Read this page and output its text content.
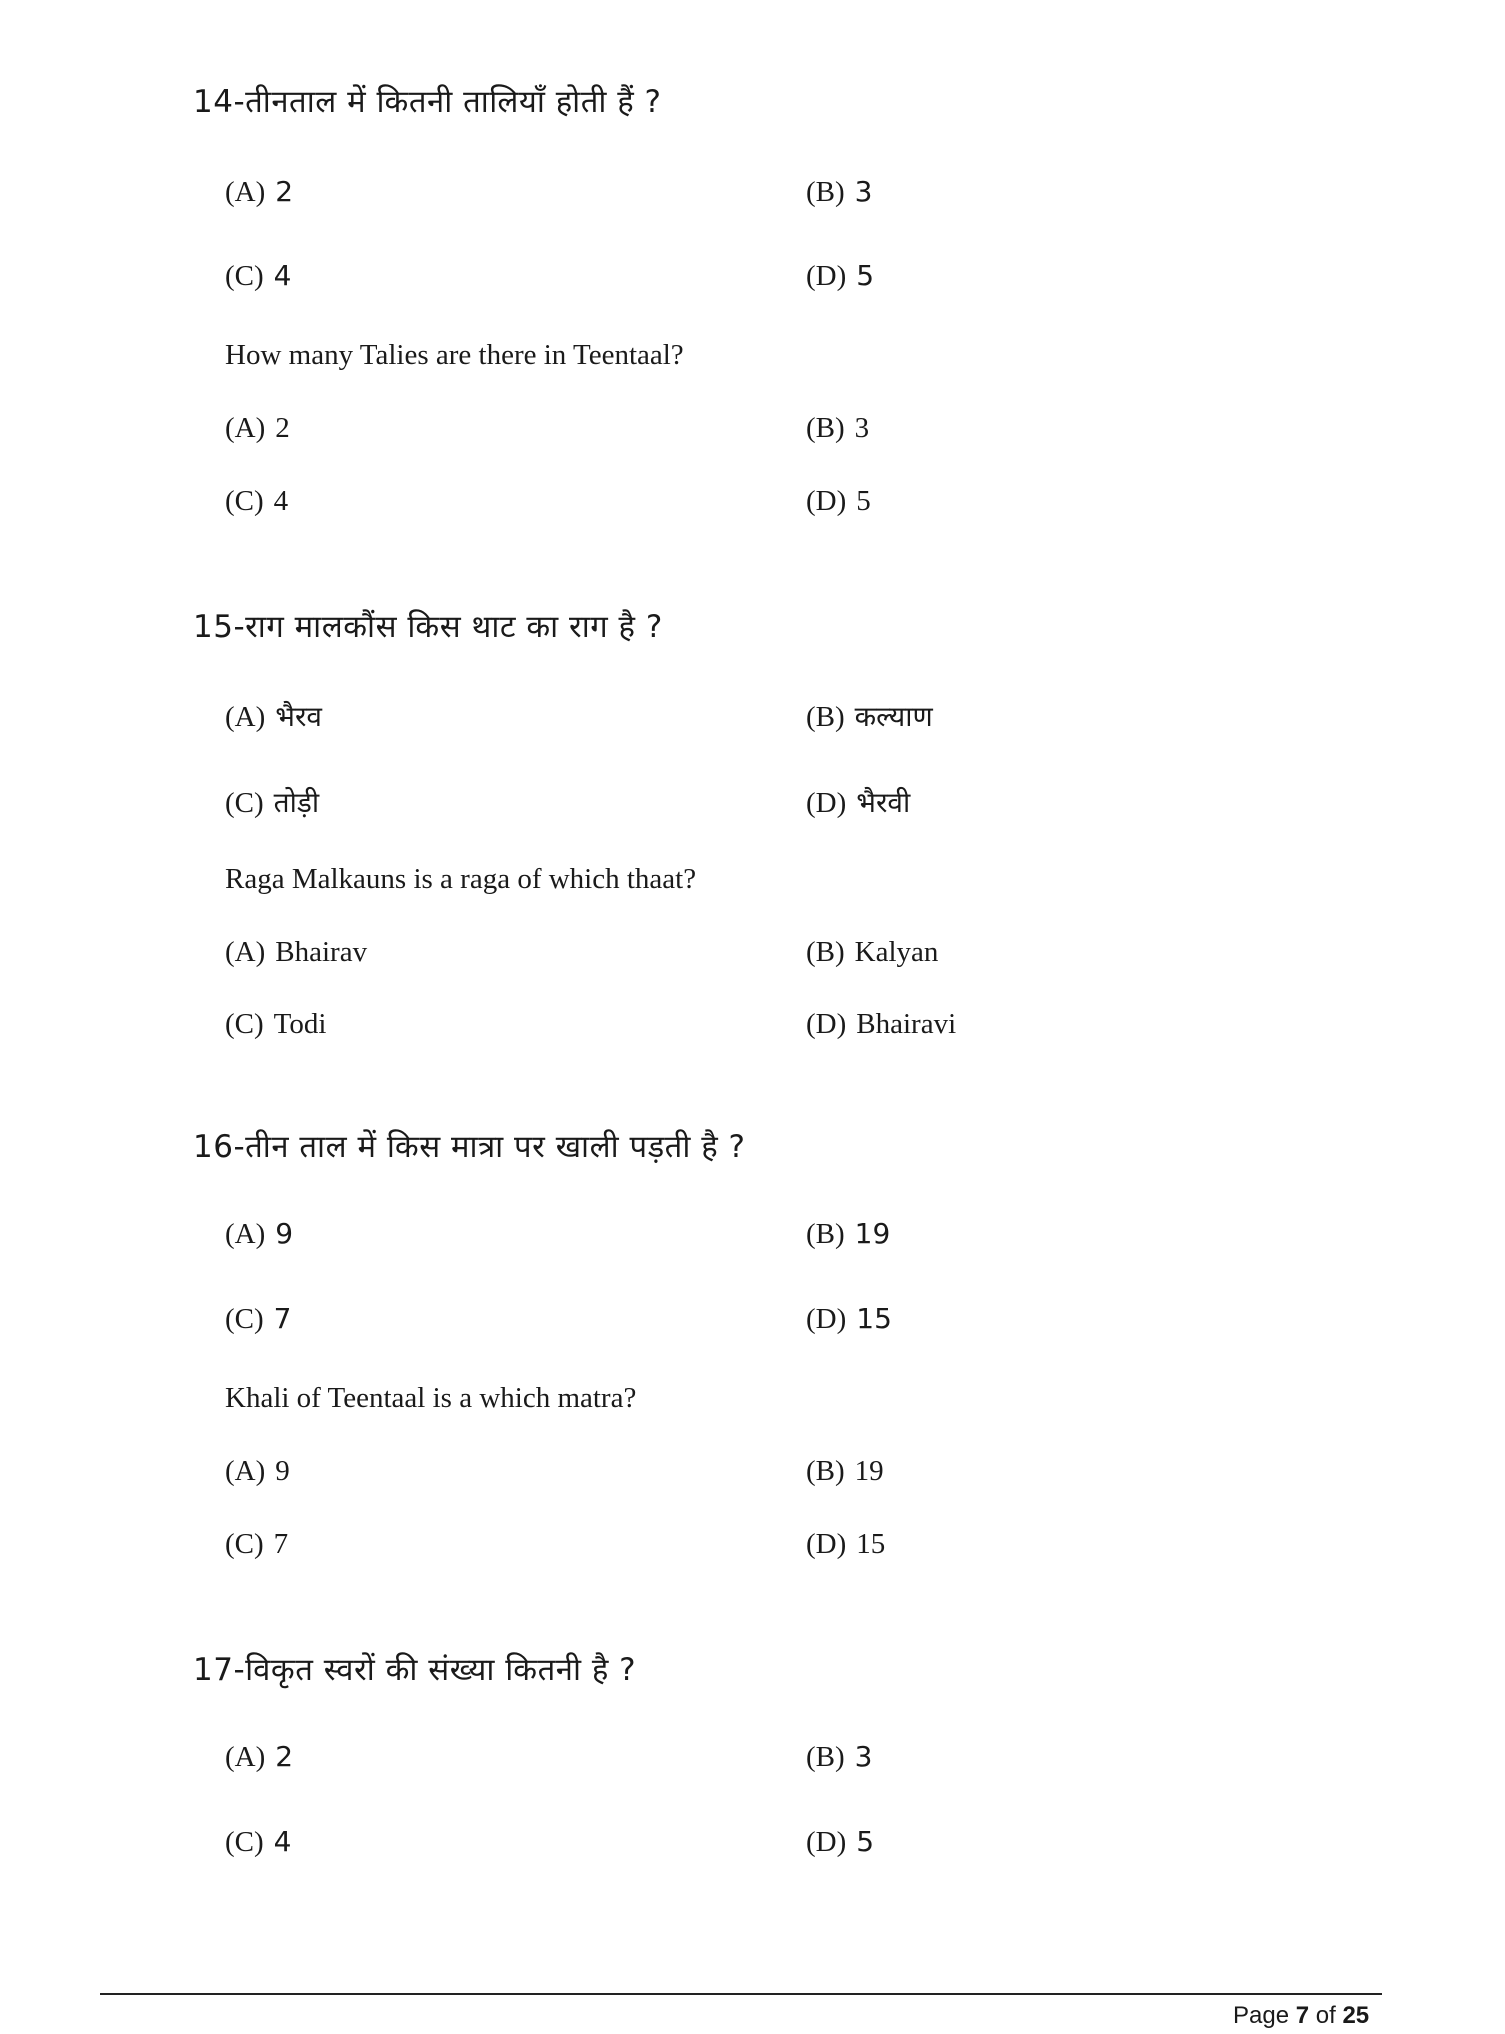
14-तीनताल में कितनी तालियाँ होती हैं ?
(A) 2	(B) 3
(C) 4	(D) 5
How many Talies are there in Teentaal?
(A) 2	(B) 3
(C) 4	(D) 5
15-राग मालकौंस किस थाट का राग है ?
(A) भैरव	(B) कल्याण
(C) तोड़ी	(D) भैरवी
Raga Malkauns is a raga of which thaat?
(A) Bhairav	(B) Kalyan
(C) Todi	(D) Bhairavi
16-तीन ताल में किस मात्रा पर खाली पड़ती है ?
(A) 9	(B) 19
(C) 7	(D) 15
Khali of Teentaal is a which matra?
(A) 9	(B) 19
(C) 7	(D) 15
17-विकृत स्वरों की संख्या कितनी है ?
(A) 2	(B) 3
(C) 4	(D) 5
Page 7 of 25
